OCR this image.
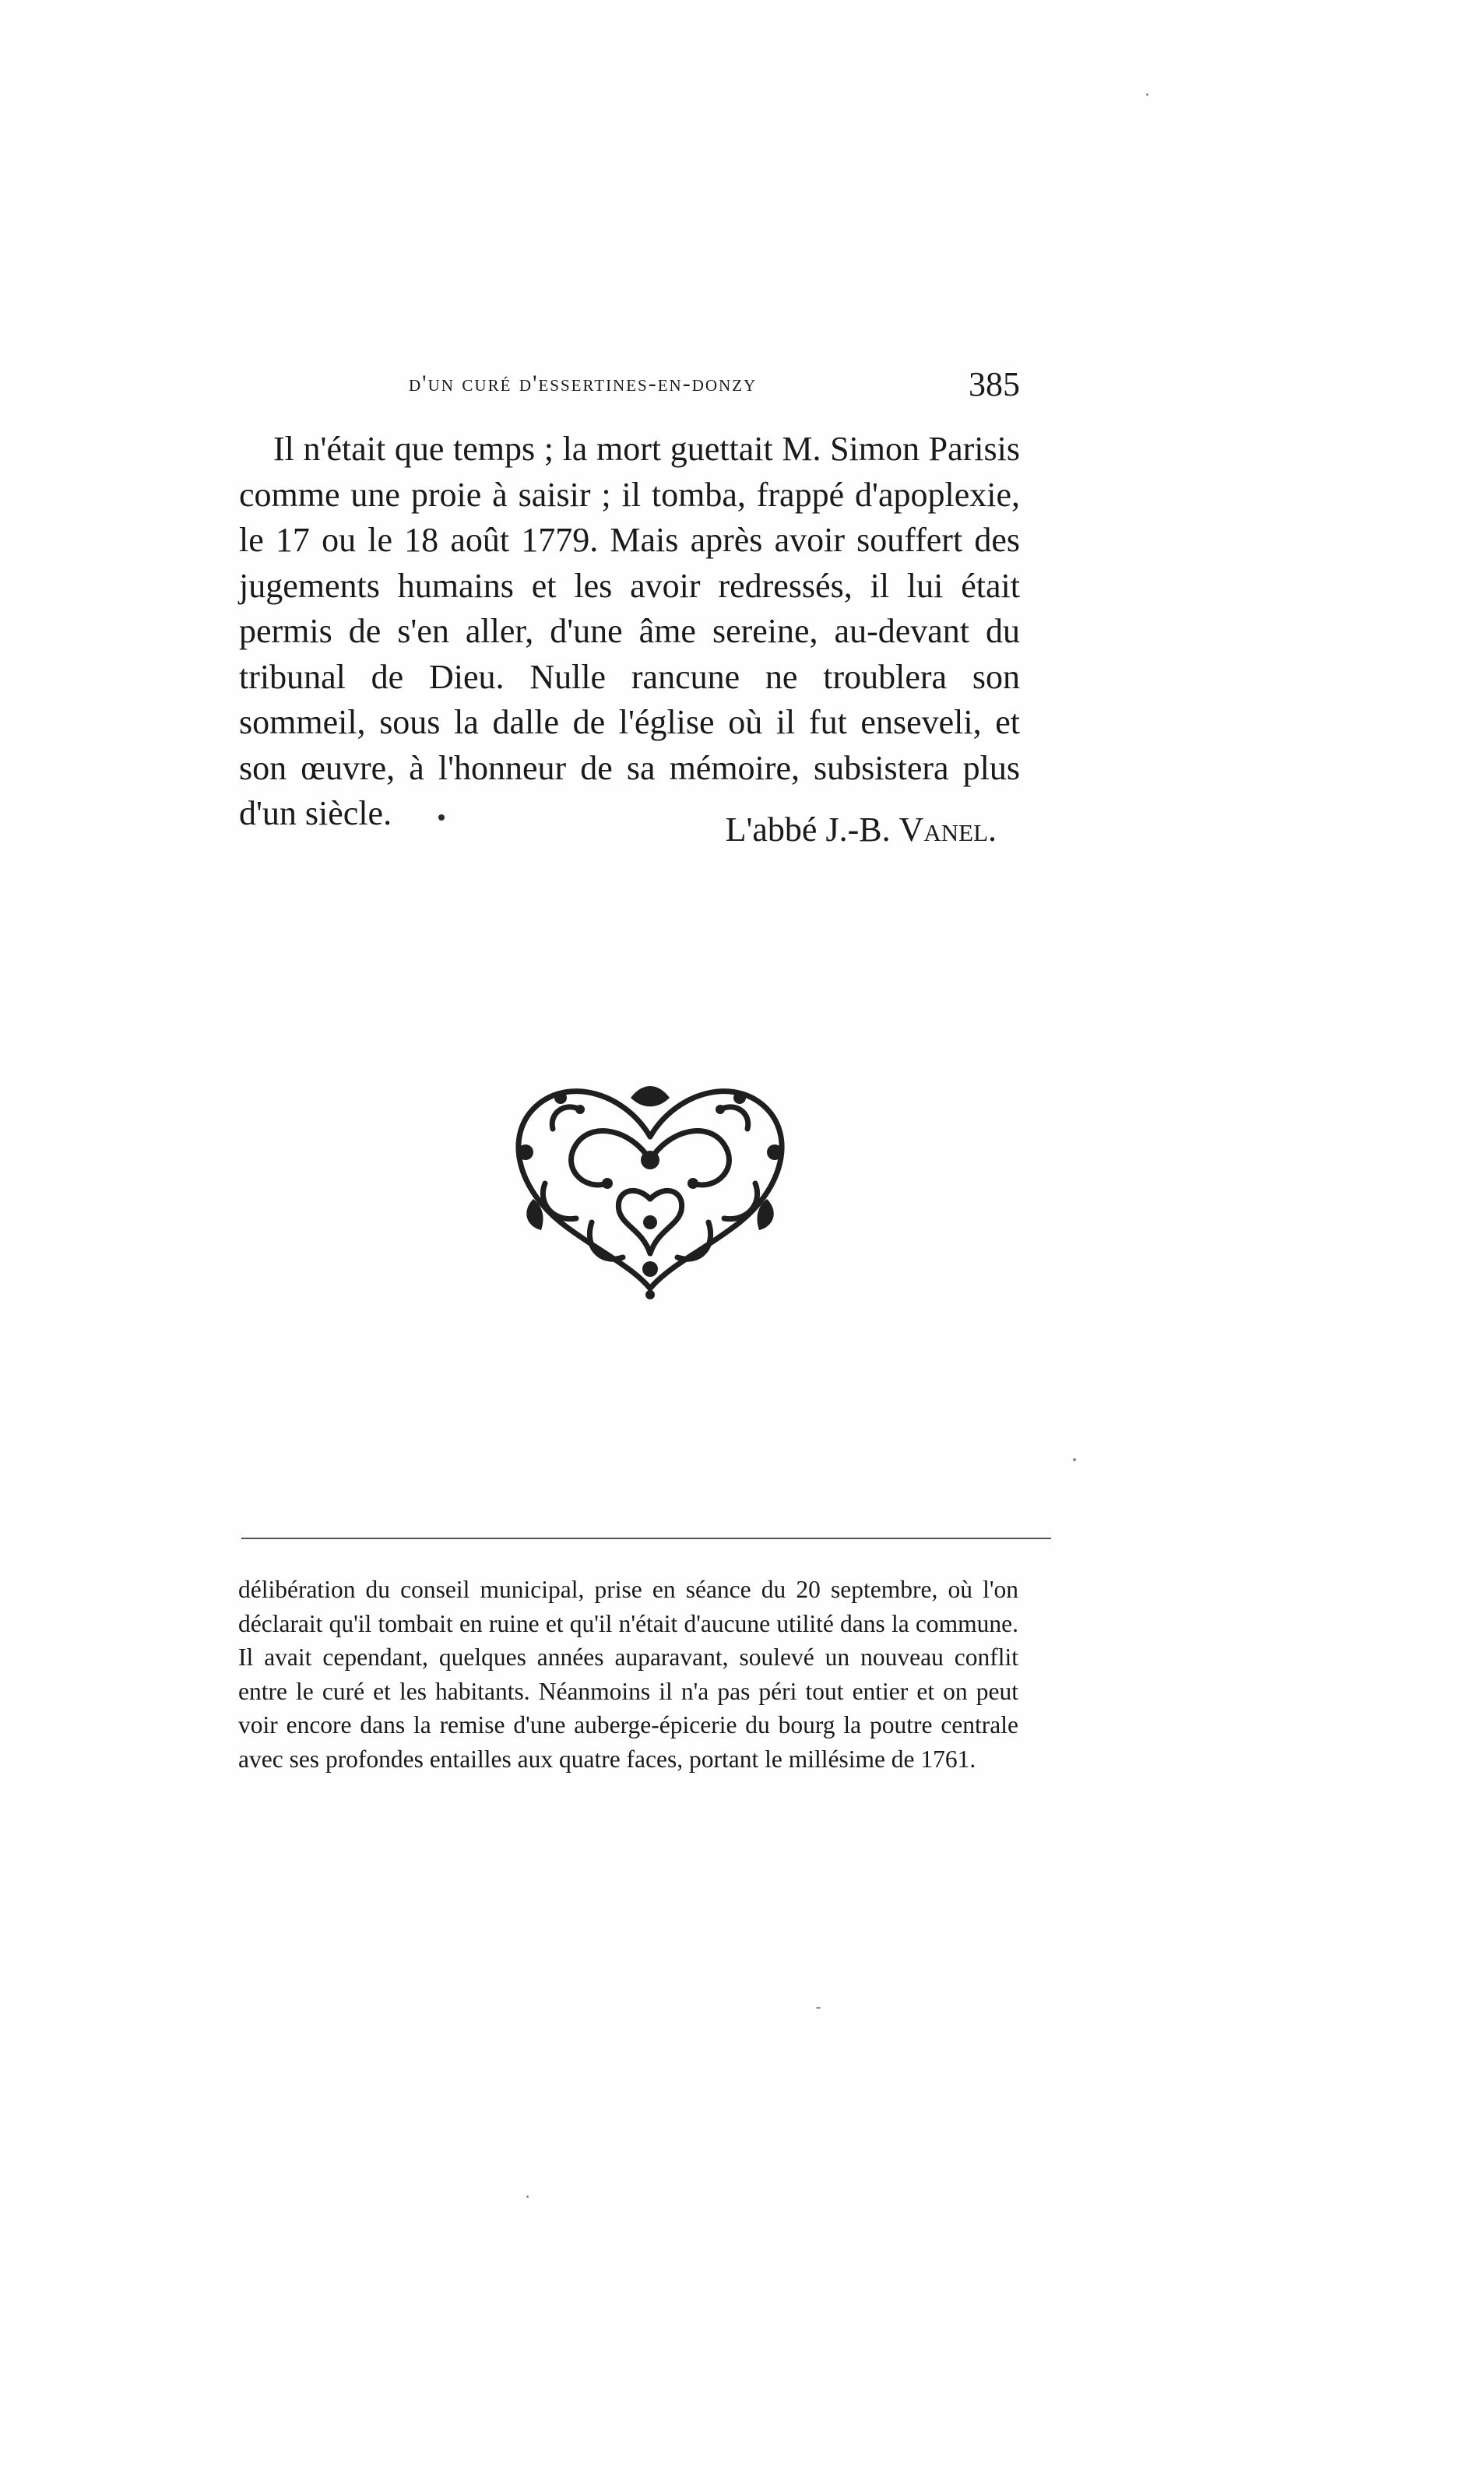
d'un curé d'essertines-en-donzy	385

Il n'était que temps ; la mort guettait M. Simon Parisis comme une proie à saisir ; il tomba, frappé d'apoplexie, le 17 ou le 18 août 1779. Mais après avoir souffert des jugements humains et les avoir redressés, il lui était permis de s'en aller, d'une âme sereine, au-devant du tribunal de Dieu. Nulle rancune ne troublera son sommeil, sous la dalle de l'église où il fut enseveli, et son œuvre, à l'honneur de sa mémoire, subsistera plus d'un siècle.	L'abbé J.-B. Vanel.

délibération du conseil municipal, prise en séance du 20 septembre, où l'on déclarait qu'il tombait en ruine et qu'il n'était d'aucune utilité dans la commune. Il avait cependant, quelques années auparavant, soulevé un nouveau conflit entre le curé et les habitants. Néanmoins il n'a pas péri tout entier et on peut voir encore dans la remise d'une auberge-épicerie du bourg la poutre centrale avec ses profondes entailles aux quatre faces, portant le millésime de 1761.
